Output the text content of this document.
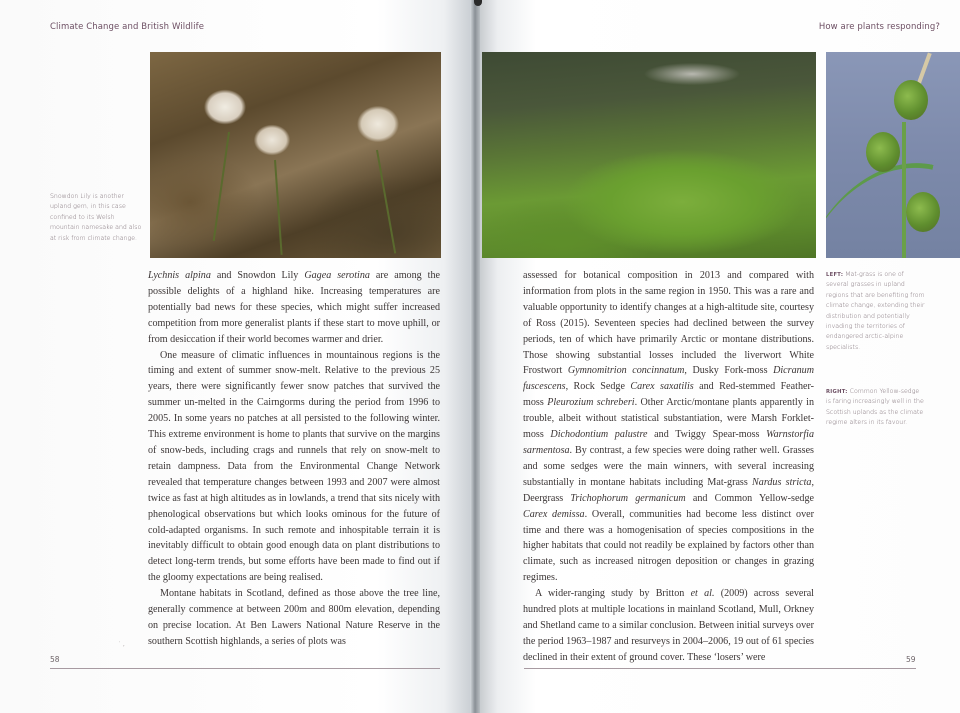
Climate Change and British Wildlife	How are plants responding?
Snowdon Lily is another upland gem, in this case confined to its Welsh mountain namesake and also at risk from climate change.
LEFT: Mat-grass is one of several grasses in upland regions that are benefiting from climate change, extending their distribution and potentially invading the territories of endangered arctic-alpine specialists.
RIGHT: Common Yellow-sedge is faring increasingly well in the Scottish uplands as the climate regime alters in its favour.

Lychnis alpina and Snowdon Lily Gagea serotina are among the possible delights of a highland hike. Increasing temperatures are potentially bad news for these species, which might suffer increased competition from more generalist plants if these start to move uphill, or from desiccation if their world becomes warmer and drier.

One measure of climatic influences in mountainous regions is the timing and extent of summer snow-melt. Relative to the previous 25 years, there were significantly fewer snow patches that survived the summer un-melted in the Cairngorms during the period from 1996 to 2005. In some years no patches at all persisted to the following winter. This extreme environment is home to plants that survive on the margins of snow-beds, including crags and runnels that rely on snow-melt to retain dampness. Data from the Environmental Change Network revealed that temperature changes between 1993 and 2007 were almost twice as fast at high altitudes as in lowlands, a trend that sits nicely with phenological observations but which looks ominous for the future of cold-adapted organisms. In such remote and inhospitable terrain it is inevitably difficult to obtain good enough data on plant distributions to detect long-term trends, but some efforts have been made to find out if the gloomy expectations are being realised.

Montane habitats in Scotland, defined as those above the tree line, generally commence at between 200m and 800m elevation, depending on precise location. At Ben Lawers National Nature Reserve in the southern Scottish highlands, a series of plots was

assessed for botanical composition in 2013 and compared with information from plots in the same region in 1950. This was a rare and valuable opportunity to identify changes at a high-altitude site, courtesy of Ross (2015). Seventeen species had declined between the survey periods, ten of which have primarily Arctic or montane distributions. Those showing substantial losses included the liverwort White Frostwort Gymnomitrion concinnatum, Dusky Fork-moss Dicranum fuscescens, Rock Sedge Carex saxatilis and Red-stemmed Feather-moss Pleurozium schreberi. Other Arctic/montane plants apparently in trouble, albeit without statistical substantiation, were Marsh Forklet-moss Dichodontium palustre and Twiggy Spear-moss Warnstorfia sarmentosa. By contrast, a few species were doing rather well. Grasses and some sedges were the main winners, with several increasing substantially in montane habitats including Mat-grass Nardus stricta, Deergrass Trichophorum germanicum and Common Yellow-sedge Carex demissa. Overall, communities had become less distinct over time and there was a homogenisation of species compositions in the higher habitats that could not readily be explained by factors other than climate, such as increased nitrogen deposition or changes in grazing regimes.

A wider-ranging study by Britton et al. (2009) across several hundred plots at multiple locations in mainland Scotland, Mull, Orkney and Shetland came to a similar conclusion. Between initial surveys over the period 1963–1987 and resurveys in 2004–2006, 19 out of 61 species declined in their extent of ground cover. These ‘losers’ were

˙ ,
58	59
